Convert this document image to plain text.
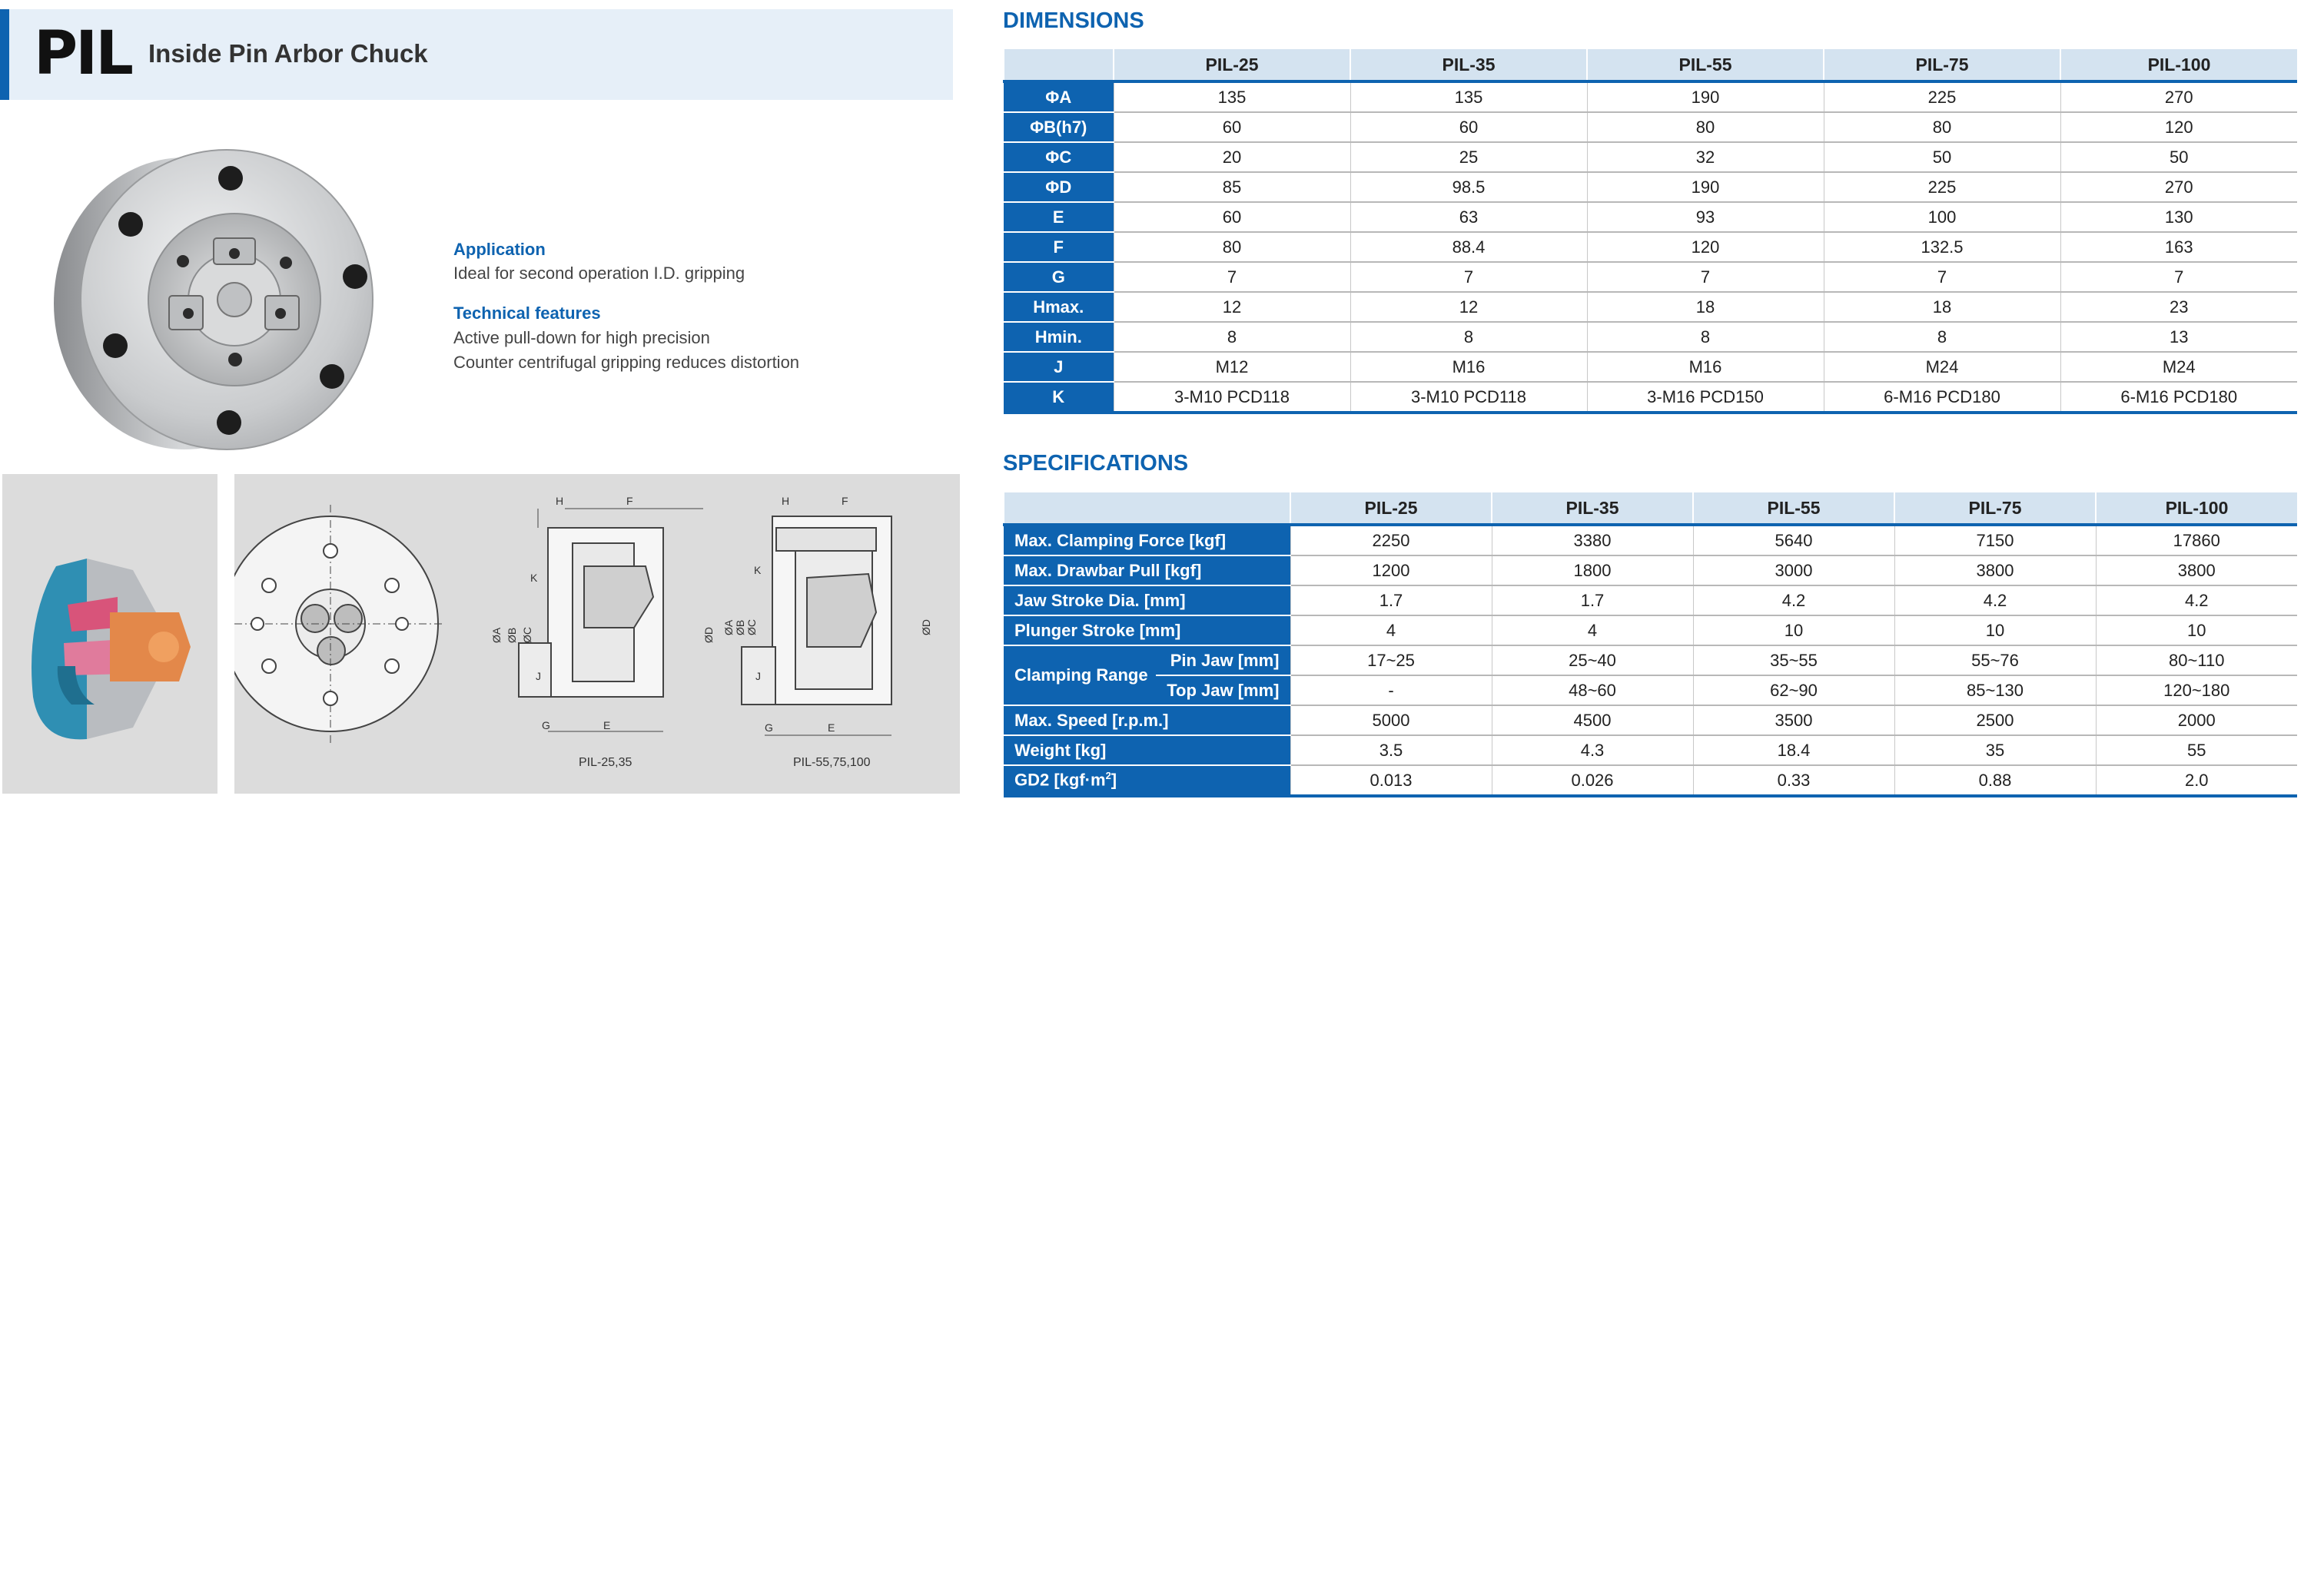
PIL Inside Pin Arbor Chuck
Application
Ideal for second operation I.D. gripping
Technical features
Active pull-down for high precision
Counter centrifugal gripping reduces distortion
H	F
K
J
G	E
ØA ØB ØC	ØD
PIL-25,35
H	F
K
J
G	E
ØA ØB ØC	ØD
PIL-55,75,100
DIMENSIONS
	PIL-25	PIL-35	PIL-55	PIL-75	PIL-100
ΦA	135	135	190	225	270
ΦB(h7)	60	60	80	80	120
ΦC	20	25	32	50	50
ΦD	85	98.5	190	225	270
E	60	63	93	100	130
F	80	88.4	120	132.5	163
G	7	7	7	7	7
Hmax.	12	12	18	18	23
Hmin.	8	8	8	8	13
J	M12	M16	M16	M24	M24
K	3-M10 PCD118	3-M10 PCD118	3-M16 PCD150	6-M16 PCD180	6-M16 PCD180
SPECIFICATIONS
		PIL-25	PIL-35	PIL-55	PIL-75	PIL-100
Max. Clamping Force [kgf]		2250	3380	5640	7150	17860
Max. Drawbar Pull [kgf]		1200	1800	3000	3800	3800
Jaw Stroke Dia. [mm]		1.7	1.7	4.2	4.2	4.2
Plunger Stroke [mm]		4	4	10	10	10
Clamping Range	Pin Jaw [mm]	17~25	25~40	35~55	55~76	80~110
	Top Jaw [mm]	-	48~60	62~90	85~130	120~180
Max. Speed [r.p.m.]		5000	4500	3500	2500	2000
Weight [kg]		3.5	4.3	18.4	35	55
GD2 $[kgf\cdot m^2]$		0.013	0.026	0.33	0.88	2.0
